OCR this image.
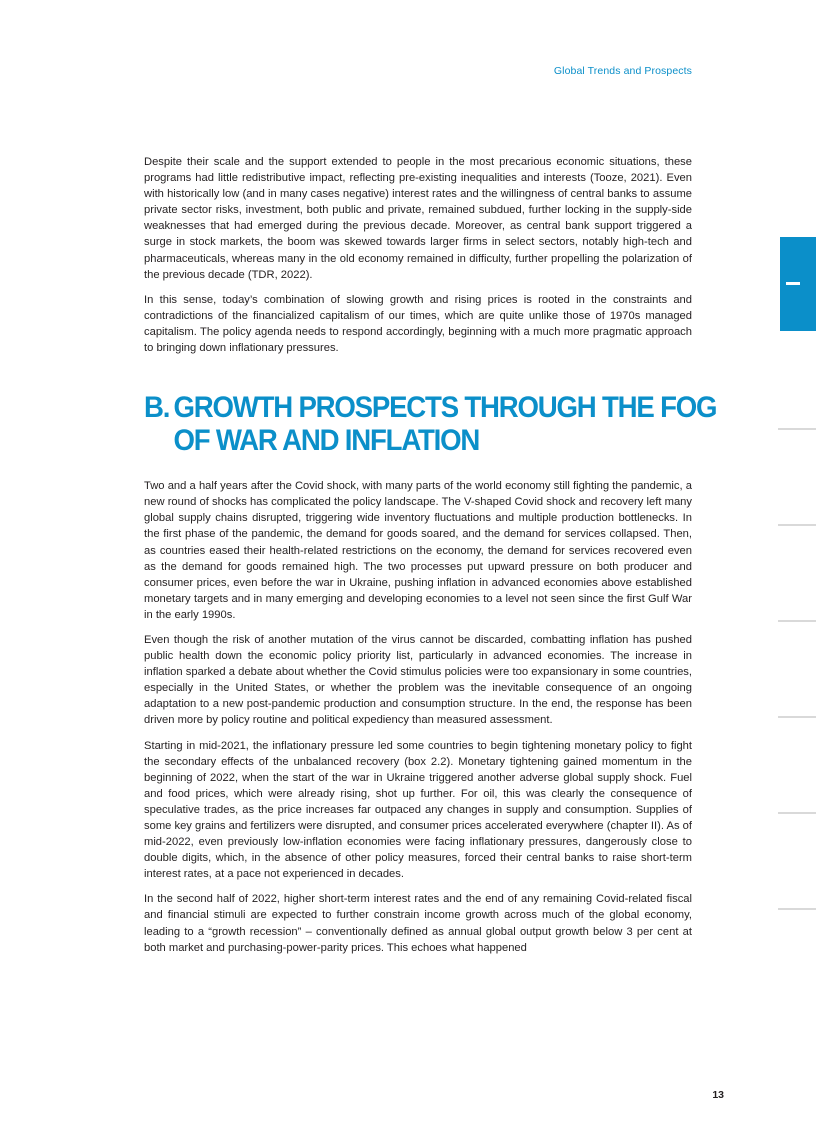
Global Trends and Prospects

Despite their scale and the support extended to people in the most precarious economic situations, these programs had little redistributive impact, reflecting pre-existing inequalities and interests (Tooze, 2021). Even with historically low (and in many cases negative) interest rates and the willingness of central banks to assume private sector risks, investment, both public and private, remained subdued, further locking in the supply-side weaknesses that had emerged during the previous decade. Moreover, as central bank support triggered a surge in stock markets, the boom was skewed towards larger firms in select sectors, notably high-tech and pharmaceuticals, whereas many in the old economy remained in difficulty, further propelling the polarization of the previous decade (TDR, 2022).

In this sense, today’s combination of slowing growth and rising prices is rooted in the constraints and contradictions of the financialized capitalism of our times, which are quite unlike those of 1970s managed capitalism. The policy agenda needs to respond accordingly, beginning with a much more pragmatic approach to bringing down inflationary pressures.

B. GROWTH PROSPECTS THROUGH THE FOG
OF WAR AND INFLATION

Two and a half years after the Covid shock, with many parts of the world economy still fighting the pandemic, a new round of shocks has complicated the policy landscape. The V-shaped Covid shock and recovery left many global supply chains disrupted, triggering wide inventory fluctuations and multiple production bottlenecks. In the first phase of the pandemic, the demand for goods soared, and the demand for services collapsed. Then, as countries eased their health-related restrictions on the economy, the demand for services recovered even as the demand for goods remained high. The two processes put upward pressure on both producer and consumer prices, even before the war in Ukraine, pushing inflation in advanced economies above established monetary targets and in many emerging and developing economies to a level not seen since the first Gulf War in the early 1990s.

Even though the risk of another mutation of the virus cannot be discarded, combatting inflation has pushed public health down the economic policy priority list, particularly in advanced economies. The increase in inflation sparked a debate about whether the Covid stimulus policies were too expansionary in some countries, especially in the United States, or whether the problem was the inevitable consequence of an ongoing adaptation to a new post-pandemic production and consumption structure. In the end, the response has been driven more by policy routine and political expediency than measured assessment.

Starting in mid-2021, the inflationary pressure led some countries to begin tightening monetary policy to fight the secondary effects of the unbalanced recovery (box 2.2). Monetary tightening gained momentum in the beginning of 2022, when the start of the war in Ukraine triggered another adverse global supply shock. Fuel and food prices, which were already rising, shot up further. For oil, this was clearly the consequence of speculative trades, as the price increases far outpaced any changes in supply and consumption. Supplies of some key grains and fertilizers were disrupted, and consumer prices accelerated everywhere (chapter II). As of mid-2022, even previously low-inflation economies were facing inflationary pressures, dangerously close to double digits, which, in the absence of other policy measures, forced their central banks to raise short-term interest rates, at a pace not experienced in decades.

In the second half of 2022, higher short-term interest rates and the end of any remaining Covid-related fiscal and financial stimuli are expected to further constrain income growth across much of the global economy, leading to a “growth recession” – conventionally defined as annual global output growth below 3 per cent at both market and purchasing-power-parity prices. This echoes what happened

13
